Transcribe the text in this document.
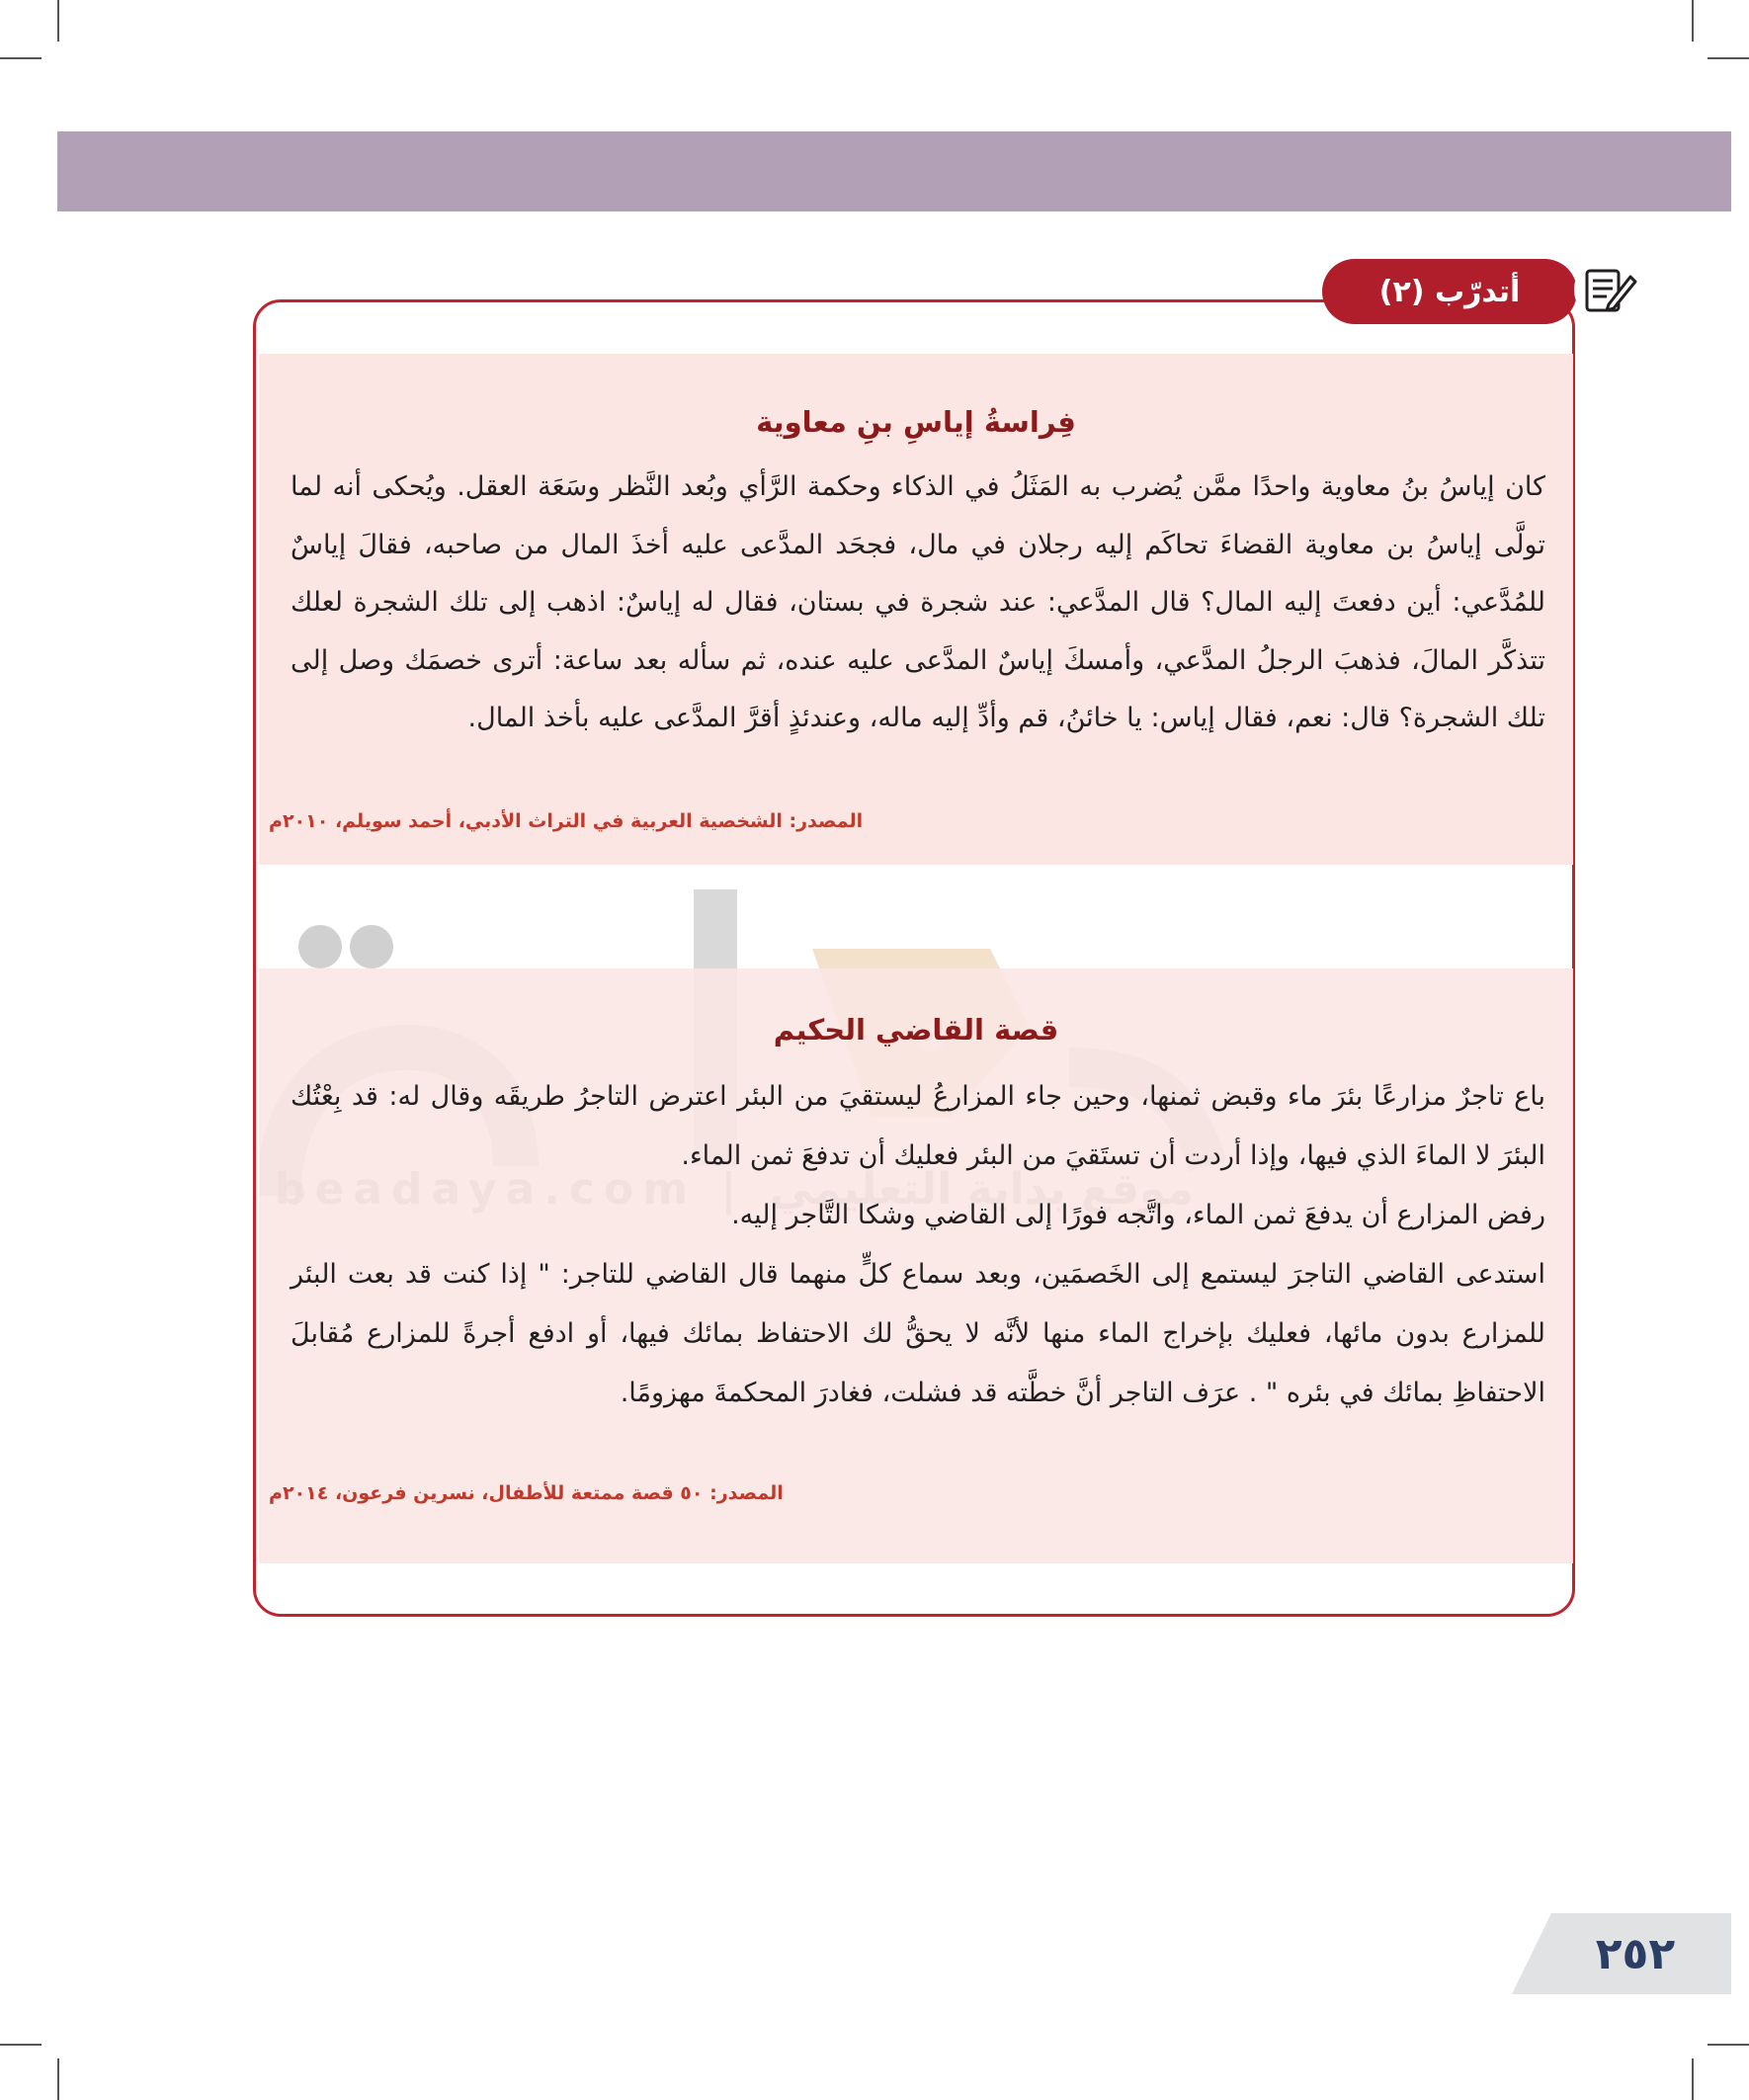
أتدرّب (٢)
فِراسةُ إياسِ بنِ معاوية

كان إياسُ بنُ معاوية واحدًا ممَّن يُضرب به المَثَلُ في الذكاء وحكمة الرَّأي وبُعد النَّظر وسَعَة العقل. ويُحكى أنه لما تولَّى إياسُ بن معاوية القضاءَ تحاكَم إليه رجلان في مال، فجحَد المدَّعى عليه أخذَ المال من صاحبه، فقالَ إياسٌ للمُدَّعي: أين دفعتَ إليه المال؟ قال المدَّعي: عند شجرة في بستان، فقال له إياسٌ: اذهب إلى تلك الشجرة لعلك تتذكَّر المالَ، فذهبَ الرجلُ المدَّعي، وأمسكَ إياسٌ المدَّعى عليه عنده، ثم سأله بعد ساعة: أترى خصمَك وصل إلى تلك الشجرة؟ قال: نعم، فقال إياس: يا خائنُ، قم وأدِّ إليه ماله، وعندئذٍ أقرَّ المدَّعى عليه بأخذ المال.

المصدر: الشخصية العربية في التراث الأدبي، أحمد سويلم، ٢٠١٠م
قصة القاضي الحكيم

باع تاجرٌ مزارعًا بئرَ ماء وقبض ثمنها، وحين جاء المزارعُ ليستقيَ من البئر اعترض التاجرُ طريقَه وقال له: قد بِعْتُك البئرَ لا الماءَ الذي فيها، وإذا أردت أن تستَقيَ من البئر فعليك أن تدفعَ ثمن الماء.

رفض المزارع أن يدفعَ ثمن الماء، واتَّجه فورًا إلى القاضي وشكا التَّاجر إليه.

استدعى القاضي التاجرَ ليستمع إلى الخَصمَين، وبعد سماع كلٍّ منهما قال القاضي للتاجر: " إذا كنت قد بعت البئر للمزارع بدون مائها، فعليك بإخراج الماء منها لأنَّه لا يحقُّ لك الاحتفاظ بمائك فيها، أو ادفع أجرةً للمزارع مُقابلَ الاحتفاظِ بمائك في بئره " . عرَف التاجر أنَّ خطَّته قد فشلت، فغادرَ المحكمةَ مهزومًا.

المصدر: ٥٠ قصة ممتعة للأطفال، نسرين فرعون، ٢٠١٤م
٢٥٢
